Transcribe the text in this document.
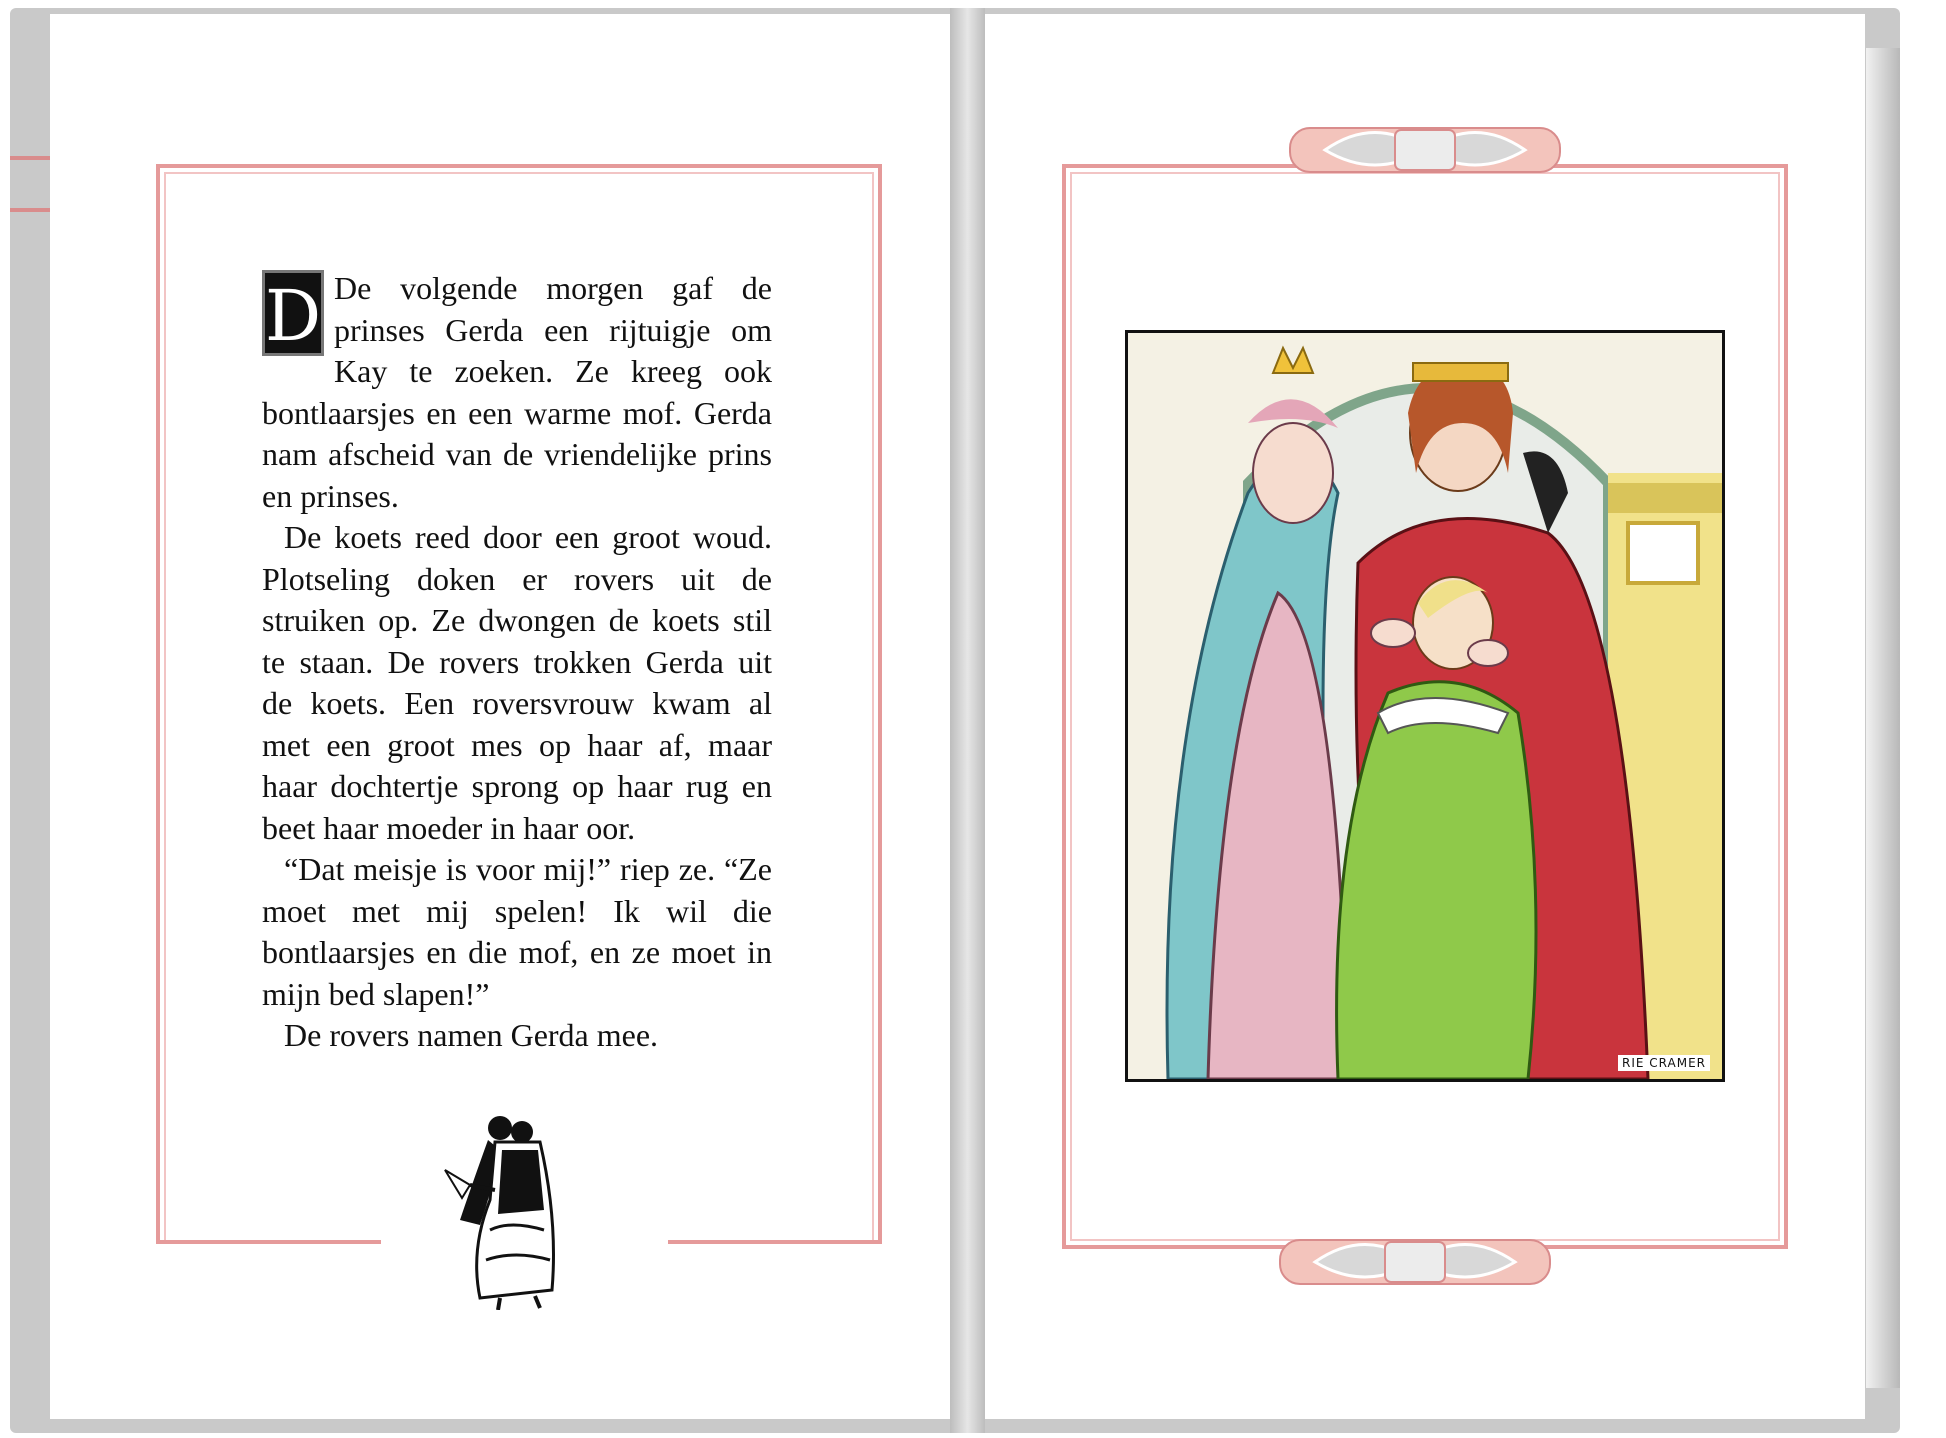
D De volgende morgen gaf de prinses Gerda een rijtuigje om Kay te zoeken. Ze kreeg ook bontlaarsjes en een warme mof. Gerda nam afscheid van de vriendelijke prins en prinses.

De koets reed door een groot woud. Plotseling doken er rovers uit de struiken op. Ze dwongen de koets stil te staan. De rovers trokken Gerda uit de koets. Een roversvrouw kwam al met een groot mes op haar af, maar haar dochtertje sprong op haar rug en beet haar moeder in haar oor.

“Dat meisje is voor mij!” riep ze. “Ze moet met mij spelen! Ik wil die bontlaarsjes en die mof, en ze moet in mijn bed slapen!”

De rovers namen Gerda mee.

RIE CRAMER
